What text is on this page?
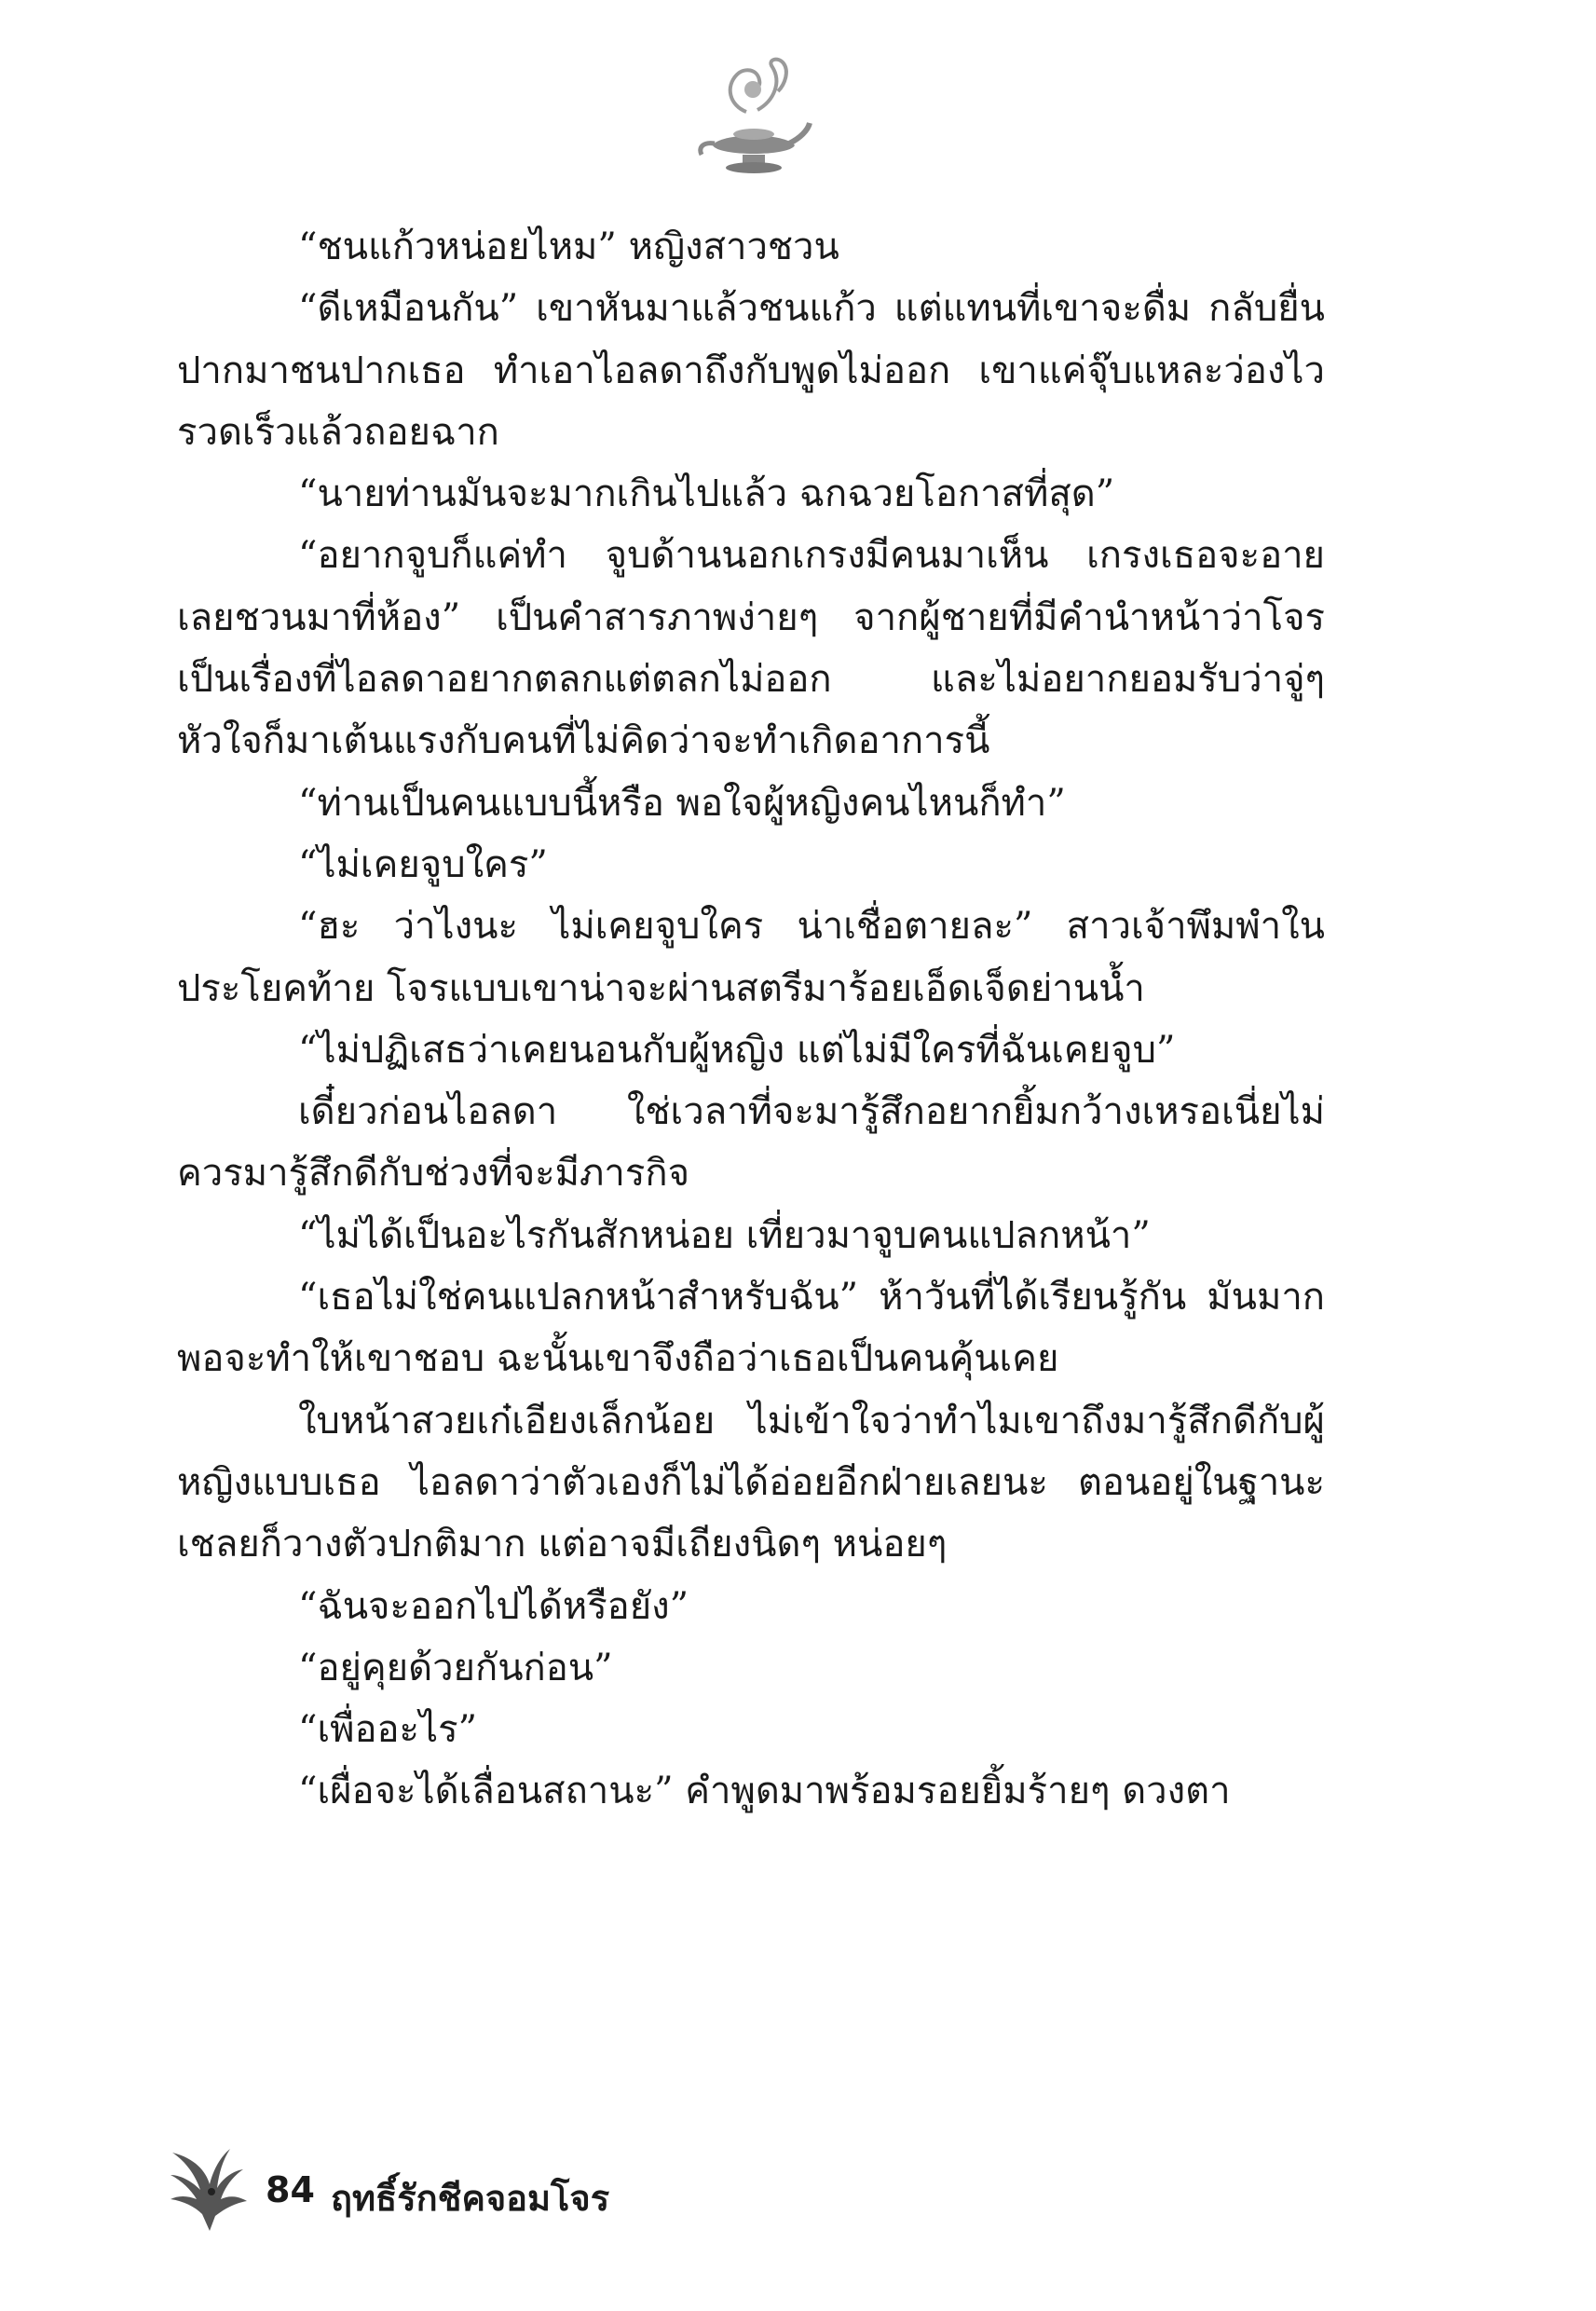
“ชนแก้วหน่อยไหม” หญิงสาวชวน

“ดีเหมือนกัน” เขาหันมาแล้วชนแก้ว แต่แทนที่เขาจะดื่ม กลับยื่นปากมาชนปากเธอ ทำเอาไอลดาถึงกับพูดไม่ออก เขาแค่จุ๊บแหละว่องไวรวดเร็วแล้วถอยฉาก

“นายท่านมันจะมากเกินไปแล้ว ฉกฉวยโอกาสที่สุด”

“อยากจูบก็แค่ทำ จูบด้านนอกเกรงมีคนมาเห็น เกรงเธอจะอายเลยชวนมาที่ห้อง” เป็นคำสารภาพง่ายๆ จากผู้ชายที่มีคำนำหน้าว่าโจรเป็นเรื่องที่ไอลดาอยากตลกแต่ตลกไม่ออก และไม่อยากยอมรับว่าจู่ๆ หัวใจก็มาเต้นแรงกับคนที่ไม่คิดว่าจะทำเกิดอาการนี้

“ท่านเป็นคนแบบนี้หรือ พอใจผู้หญิงคนไหนก็ทำ”

“ไม่เคยจูบใคร”

“ฮะ ว่าไงนะ ไม่เคยจูบใคร น่าเชื่อตายละ” สาวเจ้าพึมพำในประโยคท้าย โจรแบบเขาน่าจะผ่านสตรีมาร้อยเอ็ดเจ็ดย่านน้ำ

“ไม่ปฏิเสธว่าเคยนอนกับผู้หญิง แต่ไม่มีใครที่ฉันเคยจูบ”

เดี๋ยวก่อนไอลดา ใช่เวลาที่จะมารู้สึกอยากยิ้มกว้างเหรอเนี่ยไม่ควรมารู้สึกดีกับช่วงที่จะมีภารกิจ

“ไม่ได้เป็นอะไรกันสักหน่อย เที่ยวมาจูบคนแปลกหน้า”

“เธอไม่ใช่คนแปลกหน้าสำหรับฉัน” ห้าวันที่ได้เรียนรู้กัน มันมากพอจะทำให้เขาชอบ ฉะนั้นเขาจึงถือว่าเธอเป็นคนคุ้นเคย

ใบหน้าสวยเก๋เอียงเล็กน้อย ไม่เข้าใจว่าทำไมเขาถึงมารู้สึกดีกับผู้หญิงแบบเธอ ไอลดาว่าตัวเองก็ไม่ได้อ่อยอีกฝ่ายเลยนะ ตอนอยู่ในฐานะเชลยก็วางตัวปกติมาก แต่อาจมีเถียงนิดๆ หน่อยๆ

“ฉันจะออกไปได้หรือยัง”

“อยู่คุยด้วยกันก่อน”

“เพื่ออะไร”

“เผื่อจะได้เลื่อนสถานะ” คำพูดมาพร้อมรอยยิ้มร้ายๆ ดวงตา

84 ฤทธิ์รักชีคจอมโจร
